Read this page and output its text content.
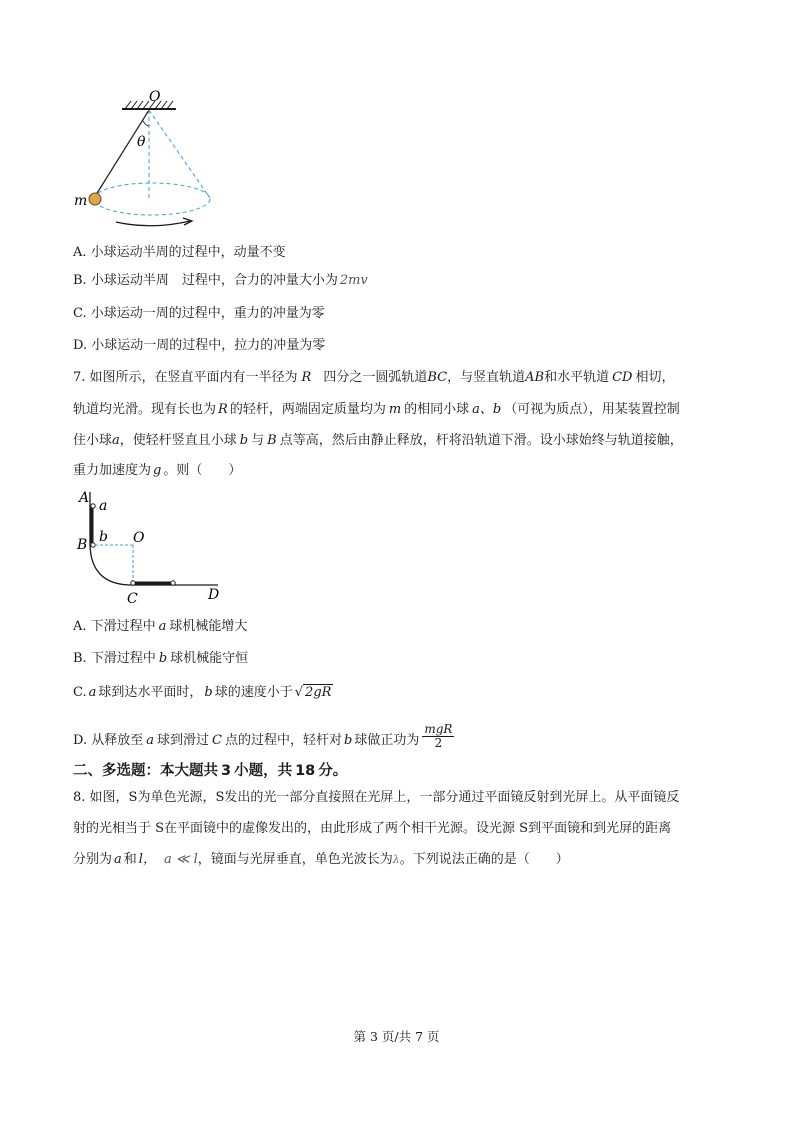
O
θ
m
A. 小球运动半周的过程中，动量不变
B. 小球运动半周　过程中，合力的冲量大小为 2mv
C. 小球运动一周的过程中，重力的冲量为零
D. 小球运动一周的过程中，拉力的冲量为零
7. 如图所示，在竖直平面内有一半径为 R 四分之一圆弧轨道BC，与竖直轨道AB和水平轨道 CD 相切，
轨道均光滑。现有长也为 R 的轻杆，两端固定质量均为 m 的相同小球 a、b （可视为质点），用某装置控制
住小球a，使轻杆竖直且小球 b 与 B 点等高，然后由静止释放，杆将沿轨道下滑。设小球始终与轨道接触，
重力加速度为 g 。则（　　）
A a
b
B	O
C	D
A. 下滑过程中 a 球机械能增大
B. 下滑过程中 b 球机械能守恒
C. a 球到达水平面时， b 球的速度小于 √ 2gR
D. 从释放至 a 球到滑过 C 点的过程中，轻杆对 b 球做正功为 $\frac{\text{mgR}}{2}$
二、多选题：本大题共 3 小题，共 18 分。
8. 如图，S为单色光源，S发出的光一部分直接照在光屏上，一部分通过平面镜反射到光屏上。从平面镜反
射的光相当于 S在平面镜中的虚像发出的，由此形成了两个相干光源。设光源 S到平面镜和到光屏的距离
分别为 a 和 l， a ≪ l，镜面与光屏垂直，单色光波长为λ。下列说法正确的是（　　）
第 3 页/共 7 页
